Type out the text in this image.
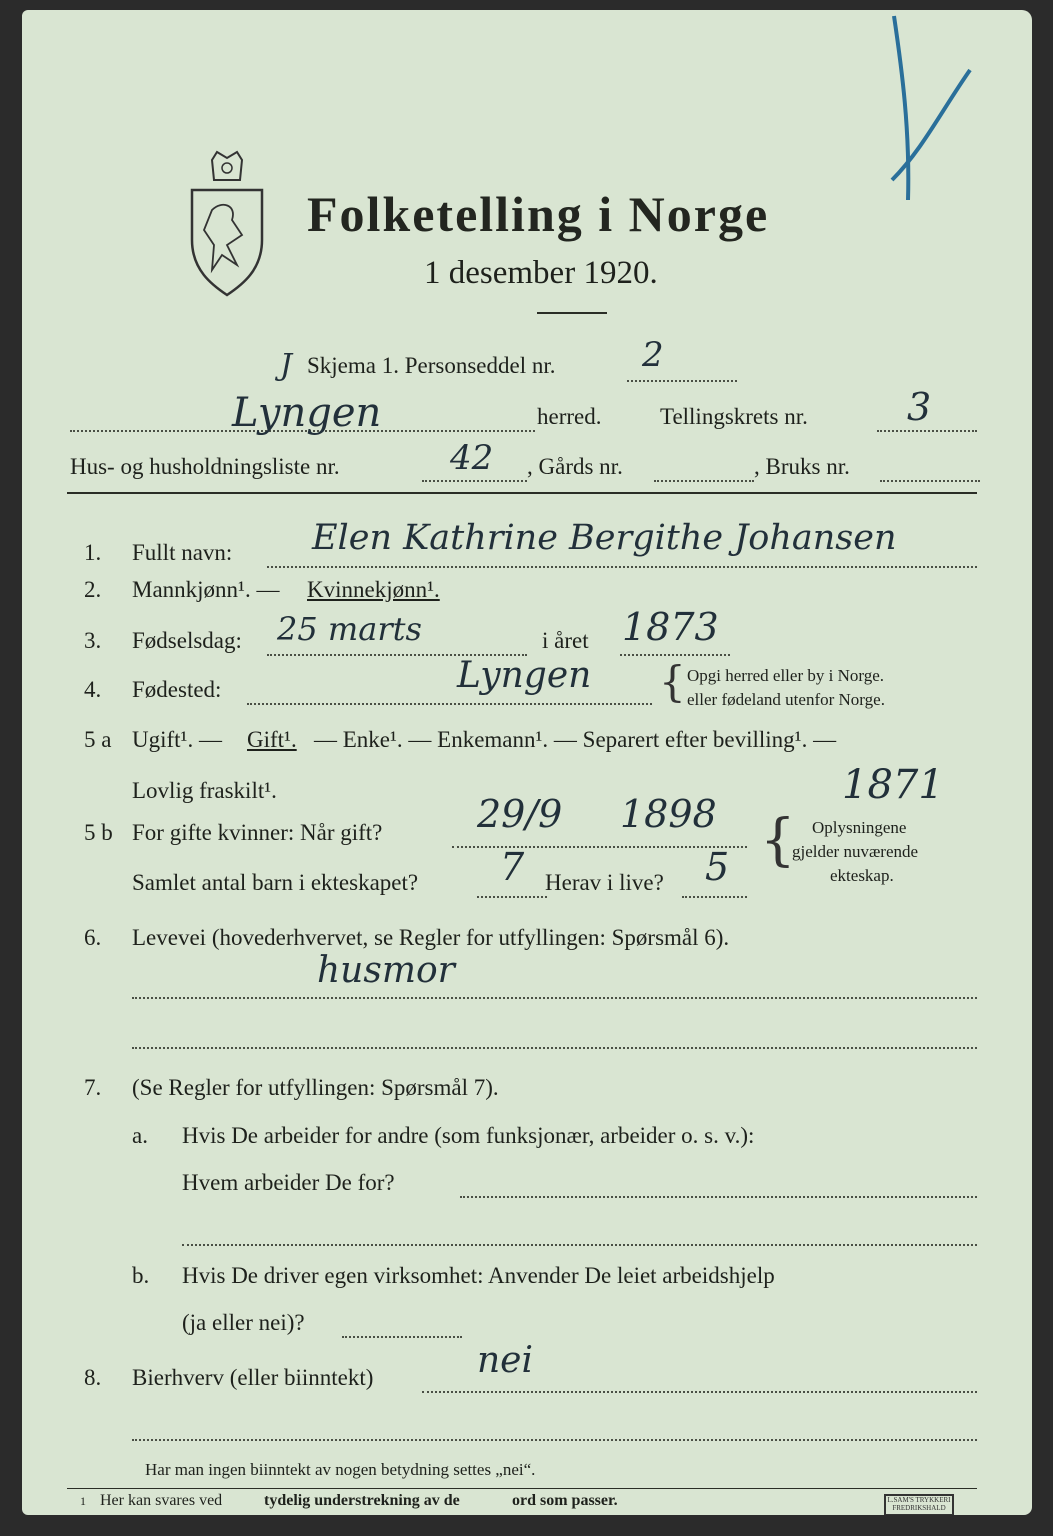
Folketelling i Norge
1 desember 1920.
J Skjema 1. Personseddel nr.	2
Lyngen	herred.	Tellingskrets nr.	3
Hus- og husholdningsliste nr.	42 , Gårds nr.	, Bruks nr.
1. Fullt navn: Elen Kathrine Bergithe Johansen
2. Mannkjønn¹. — Kvinnekjønn¹.
3. Fødselsdag: 25 marts	i året 1873
4. Fødested:	Lyngen { Opgi herred eller by i Norge.
eller fødeland utenfor Norge.
5 a Ugift¹. — Gift¹. — Enke¹. — Enkemann¹. — Separert efter bevilling¹. —
Lovlig fraskilt¹.	1871
5 b For gifte kvinner: Når gift? 29/9 1898 { Oplysningene
gjelder nuværende
ekteskap.
Samlet antal barn i ekteskapet? 7 Herav i live? 5
6. Levevei (hovederhvervet, se Regler for utfyllingen: Spørsmål 6).
husmor
7. (Se Regler for utfyllingen: Spørsmål 7).
a. Hvis De arbeider for andre (som funksjonær, arbeider o. s. v.):
Hvem arbeider De for?
b. Hvis De driver egen virksomhet: Anvender De leiet arbeidshjelp
(ja eller nei)?
8. Bierhverv (eller biinntekt)	nei
Har man ingen biinntekt av nogen betydning settes „nei“.
1 Her kan svares ved	tydelig understrekning av de	ord som passer.	L.SAM'S TRYKKERI FREDRIKSHALD
